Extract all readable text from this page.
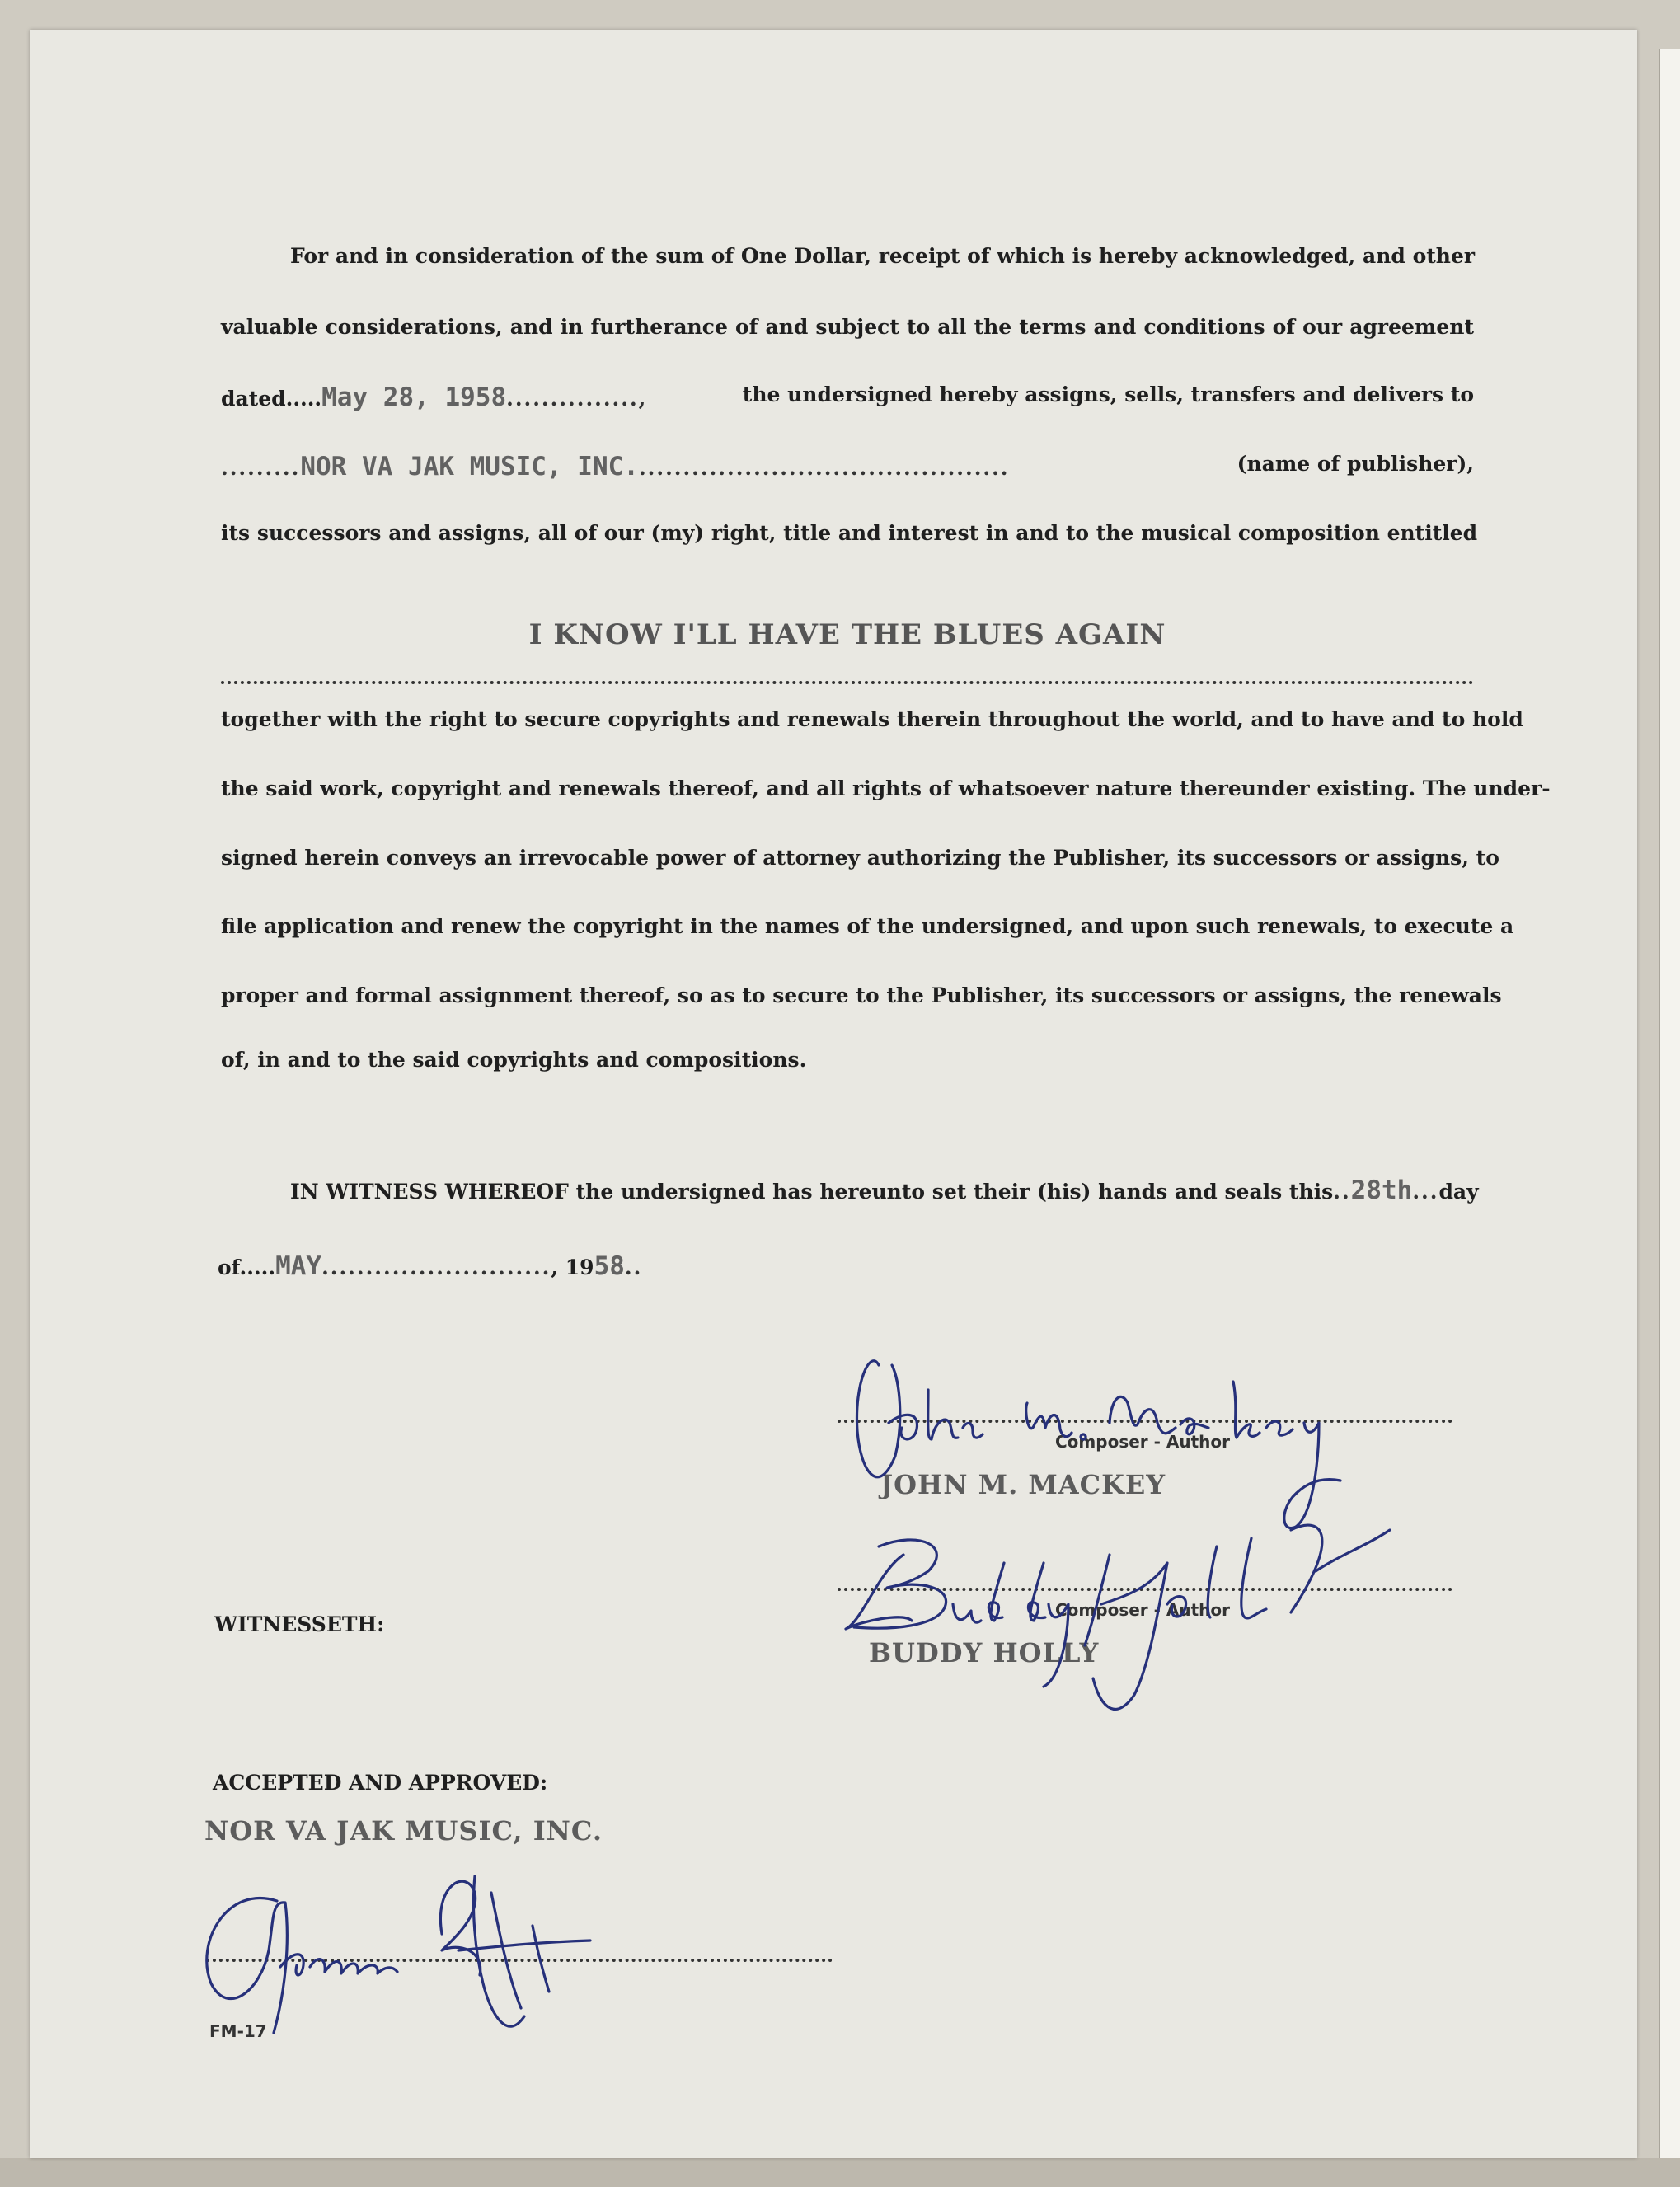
For and in consideration of the sum of One Dollar, receipt of which is hereby acknowledged, and other
valuable considerations, and in furtherance of and subject to all the terms and conditions of our agreement
dated.....May 28, 1958...............,	the undersigned hereby assigns, sells, transfers and delivers to
.........NOR VA JAK MUSIC, INC...........................................	(name of publisher),
its successors and assigns, all of our (my) right, title and interest in and to the musical composition entitled
I KNOW I'LL HAVE THE BLUES AGAIN
together with the right to secure copyrights and renewals therein throughout the world, and to have and to hold
the said work, copyright and renewals thereof, and all rights of whatsoever nature thereunder existing. The under-
signed herein conveys an irrevocable power of attorney authorizing the Publisher, its successors or assigns, to
file application and renew the copyright in the names of the undersigned, and upon such renewals, to execute a
proper and formal assignment thereof, so as to secure to the Publisher, its successors or assigns, the renewals
of, in and to the said copyrights and compositions.
IN WITNESS WHEREOF the undersigned has hereunto set their (his) hands and seals this..28th...day
of.....MAY.........................., 1958..
Composer - Author
JOHN M. MACKEY
Composer - Author
BUDDY HOLLY
WITNESSETH:
ACCEPTED AND APPROVED:
NOR VA JAK MUSIC, INC.
FM-17
